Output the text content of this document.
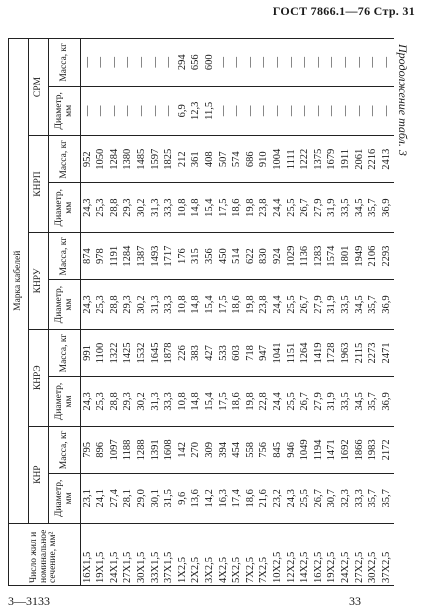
ГОСТ 7866.1—76 Стр. 31
Продолжение табл. 3
Число жил и номинальное сечение, мм²	Марка кабелей									
	КНР		КНРЭ		КНРУ		КНРП		СРМ	
	Диаметр, мм	Масса, кг	Диаметр, мм	Масса, кг	Диаметр, мм	Масса, кг	Диаметр, мм	Масса, кг	Диаметр, мм	Масса, кг
16X1,5	23,1	795	24,3	991	24,3	874	24,3	952	—	—
19X1,5	24,1	896	25,3	1100	25,3	978	25,3	1050	—	—
24X1,5	27,4	1097	28,8	1322	28,8	1191	28,8	1284	—	—
27X1,5	28,1	1188	29,3	1425	29,3	1284	29,3	1380	—	—
30X1,5	29,0	1288	30,2	1532	30,2	1387	30,2	1485	—	—
33X1,5	30,1	1391	31,3	1645	31,3	1493	31,3	1597	—	—
37X1,5	31,5	1608	33,3	1878	33,3	1717	33,3	1825	—	—
1X2,5	9,6	142	10,8	226	10,8	176	10,8	212	6,9	294
2X2,5	13,6	270	14,8	383	14,8	315	14,8	361	12,3	656
3X2,5	14,2	309	15,4	427	15,4	356	15,4	408	11,5	600
4X2,5	16,3	394	17,5	533	17,5	450	17,5	507	—	—
5X2,5	17,4	454	18,6	603	18,6	514	18,6	574	—	—
7X2,5	18,6	558	19,8	718	19,8	622	19,8	686	—	—
7X2,5	21,6	756	22,8	947	23,8	830	23,8	910	—	—
10X2,5	23,2	845	24,4	1041	24,4	924	24,4	1004	—	—
12X2,5	24,3	946	25,5	1151	25,5	1029	25,5	1111	—	—
14X2,5	25,5	1049	26,7	1264	26,7	1136	26,7	1222	—	—
16X2,5	26,7	1194	27,9	1419	27,9	1283	27,9	1375	—	—
19X2,5	30,7	1471	31,9	1728	31,9	1574	31,9	1679	—	—
24X2,5	32,3	1692	33,5	1963	33,5	1801	33,5	1911	—	—
27X2,5	33,3	1866	34,5	2115	34,5	1949	34,5	2061	—	—
30X2,5	35,7	1983	35,7	2273	35,7	2106	35,7	2216	—	—
37X2,5	35,7	2172	36,9	2471	36,9	2293	36,9	2413	—	—
3—3133	33
